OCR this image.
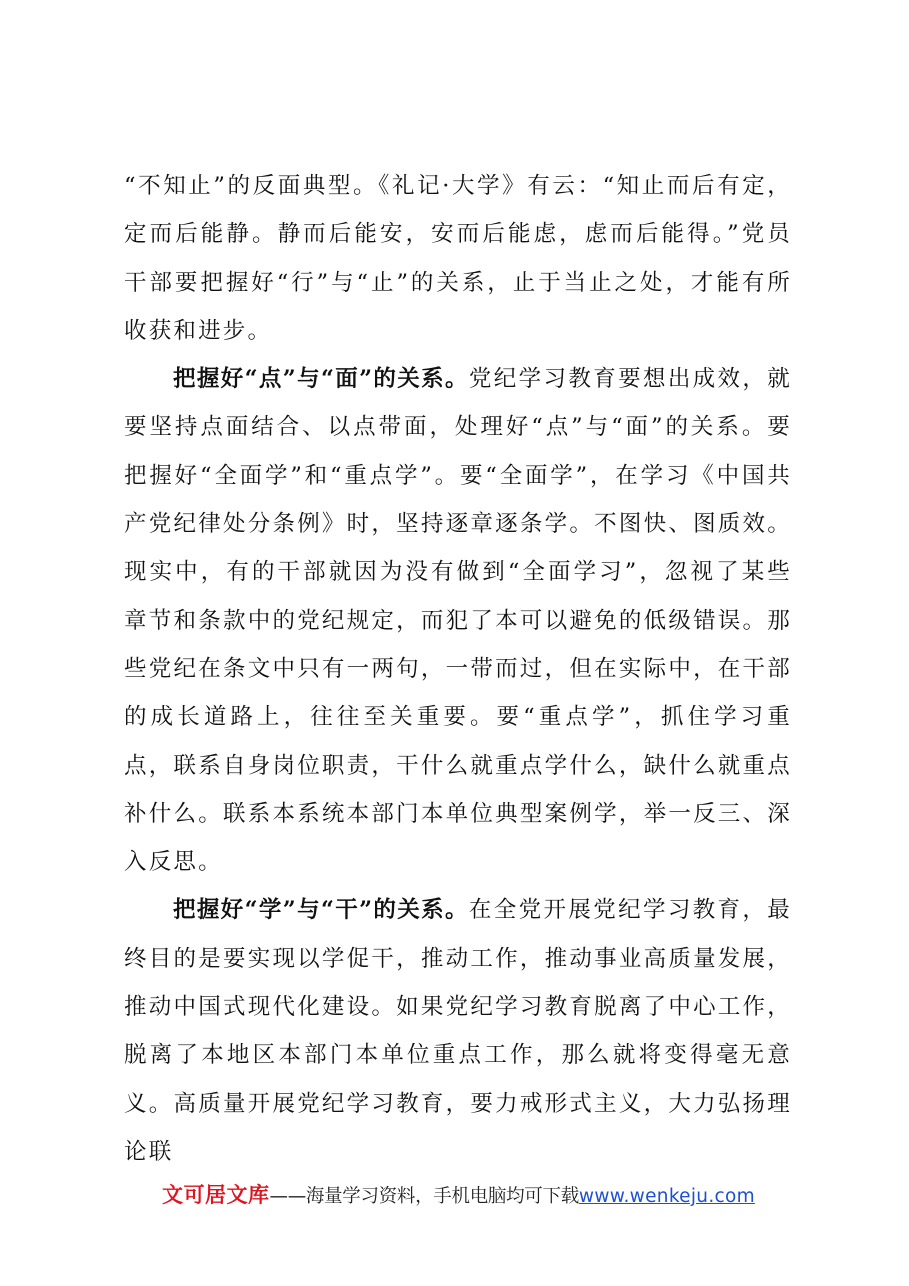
“不知止”的反面典型。《礼记·大学》有云：“知止而后有定，定而后能静。静而后能安，安而后能虑，虑而后能得。”党员干部要把握好“行”与“止”的关系，止于当止之处，才能有所收获和进步。

把握好“点”与“面”的关系。党纪学习教育要想出成效，就要坚持点面结合、以点带面，处理好“点”与“面”的关系。要把握好“全面学”和“重点学”。要“全面学”，在学习《中国共产党纪律处分条例》时，坚持逐章逐条学。不图快、图质效。现实中，有的干部就因为没有做到“全面学习”，忽视了某些章节和条款中的党纪规定，而犯了本可以避免的低级错误。那些党纪在条文中只有一两句，一带而过，但在实际中，在干部的成长道路上，往往至关重要。要“重点学”，抓住学习重点，联系自身岗位职责，干什么就重点学什么，缺什么就重点补什么。联系本系统本部门本单位典型案例学，举一反三、深入反思。

把握好“学”与“干”的关系。在全党开展党纪学习教育，最终目的是要实现以学促干，推动工作，推动事业高质量发展，推动中国式现代化建设。如果党纪学习教育脱离了中心工作，脱离了本地区本部门本单位重点工作，那么就将变得毫无意义。高质量开展党纪学习教育，要力戒形式主义，大力弘扬理论联

文可居文库——海量学习资料，手机电脑均可下载www.wenkeju.com
